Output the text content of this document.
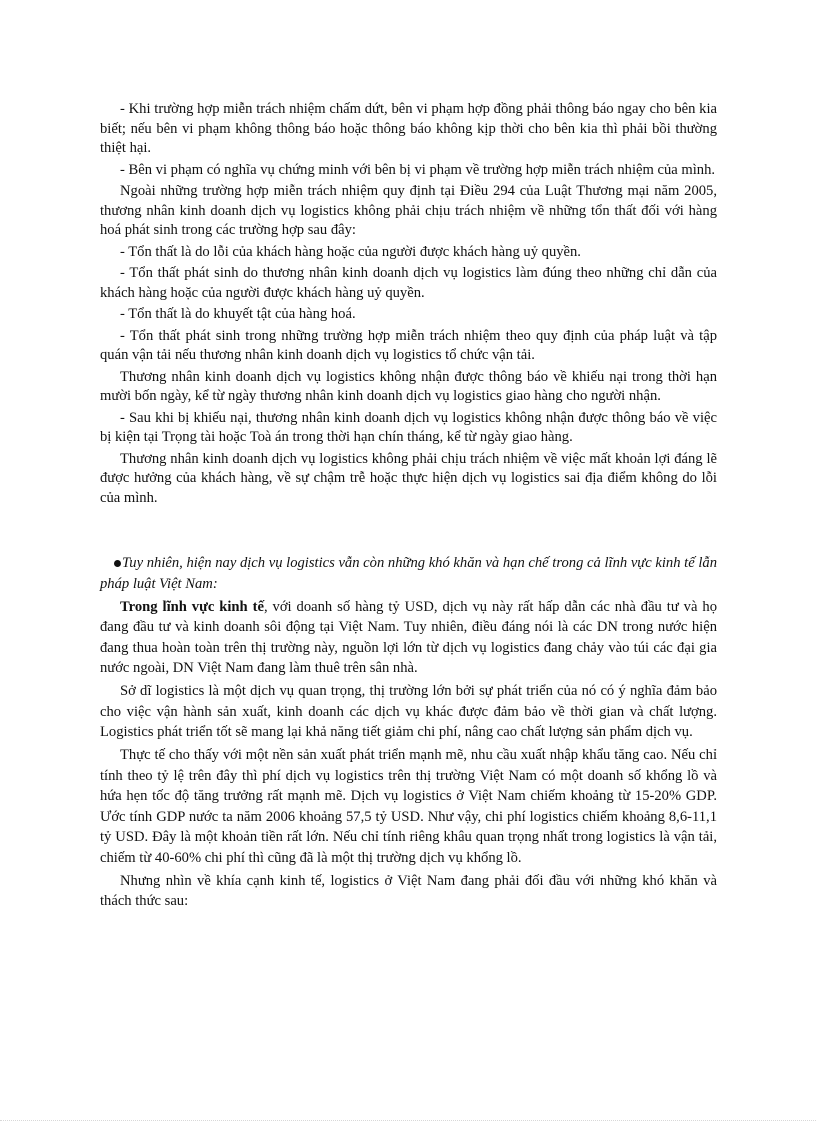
- Khi trường hợp miễn trách nhiệm chấm dứt, bên vi phạm hợp đồng phải thông báo ngay cho bên kia biết; nếu bên vi phạm không thông báo hoặc thông báo không kịp thời cho bên kia thì phải bồi thường thiệt hại.

- Bên vi phạm có nghĩa vụ chứng minh với bên bị vi phạm về trường hợp miễn trách nhiệm của mình.

Ngoài những trường hợp miễn trách nhiệm quy định tại Điều 294 của Luật Thương mại năm 2005, thương nhân kinh doanh dịch vụ logistics không phải chịu trách nhiệm về những tổn thất đối với hàng hoá phát sinh trong các trường hợp sau đây:

- Tổn thất là do lỗi của khách hàng hoặc của người được khách hàng uỷ quyền.

- Tổn thất phát sinh do thương nhân kinh doanh dịch vụ logistics làm đúng theo những chỉ dẫn của khách hàng hoặc của người được khách hàng uỷ quyền.

- Tổn thất là do khuyết tật của hàng hoá.

- Tổn thất phát sinh trong những trường hợp miễn trách nhiệm theo quy định của pháp luật và tập quán vận tải nếu thương nhân kinh doanh dịch vụ logistics tổ chức vận tải.

Thương nhân kinh doanh dịch vụ logistics không nhận được thông báo về khiếu nại trong thời hạn mười bốn ngày, kể từ ngày thương nhân kinh doanh dịch vụ logistics giao hàng cho người nhận.

- Sau khi bị khiếu nại, thương nhân kinh doanh dịch vụ logistics không nhận được thông báo về việc bị kiện tại Trọng tài hoặc Toà án trong thời hạn chín tháng, kể từ ngày giao hàng.

Thương nhân kinh doanh dịch vụ logistics không phải chịu trách nhiệm về việc mất khoản lợi đáng lẽ được hưởng của khách hàng, về sự chậm trễ hoặc thực hiện dịch vụ logistics sai địa điểm không do lỗi của mình.

Tuy nhiên, hiện nay dịch vụ logistics vẫn còn những khó khăn và hạn chế trong cả lĩnh vực kinh tế lẫn pháp luật Việt Nam:

Trong lĩnh vực kinh tế, với doanh số hàng tỷ USD, dịch vụ này rất hấp dẫn các nhà đầu tư và họ đang đầu tư và kinh doanh sôi động tại Việt Nam. Tuy nhiên, điều đáng nói là các DN trong nước hiện đang thua hoàn toàn trên thị trường này, nguồn lợi lớn từ dịch vụ logistics đang chảy vào túi các đại gia nước ngoài, DN Việt Nam đang làm thuê trên sân nhà.

Sở dĩ logistics là một dịch vụ quan trọng, thị trường lớn bởi sự phát triển của nó có ý nghĩa đảm bảo cho việc vận hành sản xuất, kinh doanh các dịch vụ khác được đảm bảo về thời gian và chất lượng. Logistics phát triển tốt sẽ mang lại khả năng tiết giảm chi phí, nâng cao chất lượng sản phẩm dịch vụ.

Thực tế cho thấy với một nền sản xuất phát triển mạnh mẽ, nhu cầu xuất nhập khẩu tăng cao. Nếu chỉ tính theo tỷ lệ trên đây thì phí dịch vụ logistics trên thị trường Việt Nam có một doanh số khổng lồ và hứa hẹn tốc độ tăng trưởng rất mạnh mẽ. Dịch vụ logistics ở Việt Nam chiếm khoảng từ 15-20% GDP. Ước tính GDP nước ta năm 2006 khoảng 57,5 tỷ USD. Như vậy, chi phí logistics chiếm khoảng 8,6-11,1 tỷ USD. Đây là một khoản tiền rất lớn. Nếu chỉ tính riêng khâu quan trọng nhất trong logistics là vận tải, chiếm từ 40-60% chi phí thì cũng đã là một thị trường dịch vụ khổng lồ.

Nhưng nhìn về khía cạnh kinh tế, logistics ở Việt Nam đang phải đối đầu với những khó khăn và thách thức sau:
